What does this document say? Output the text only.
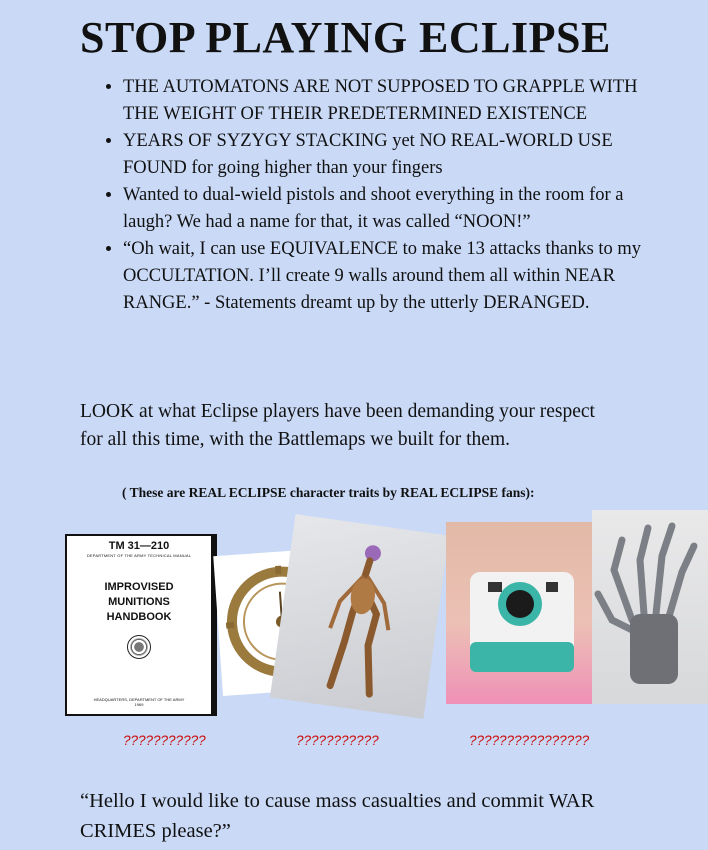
STOP PLAYING ECLIPSE
• THE AUTOMATONS ARE NOT SUPPOSED TO GRAPPLE WITH THE WEIGHT OF THEIR PREDETERMINED EXISTENCE
• YEARS OF SYZYGY STACKING yet NO REAL-WORLD USE FOUND for going higher than your fingers
• Wanted to dual-wield pistols and shoot everything in the room for a laugh? We had a name for that, it was called “NOON!”
• “Oh wait, I can use EQUIVALENCE to make 13 attacks thanks to my OCCULTATION. I’ll create 9 walls around them all within NEAR RANGE.” - Statements dreamt up by the utterly DERANGED.
LOOK at what Eclipse players have been demanding your respect for all this time, with the Battlemaps we built for them.
( These are REAL ECLIPSE character traits by REAL ECLIPSE fans):
TM 31—210
DEPARTMENT OF THE ARMY TECHNICAL MANUAL
IMPROVISED
MUNITIONS
HANDBOOK
HEADQUARTERS, DEPARTMENT OF THE ARMY
1969
???????????	???????????	????????????????
“Hello I would like to cause mass casualties and commit WAR CRIMES please?”
